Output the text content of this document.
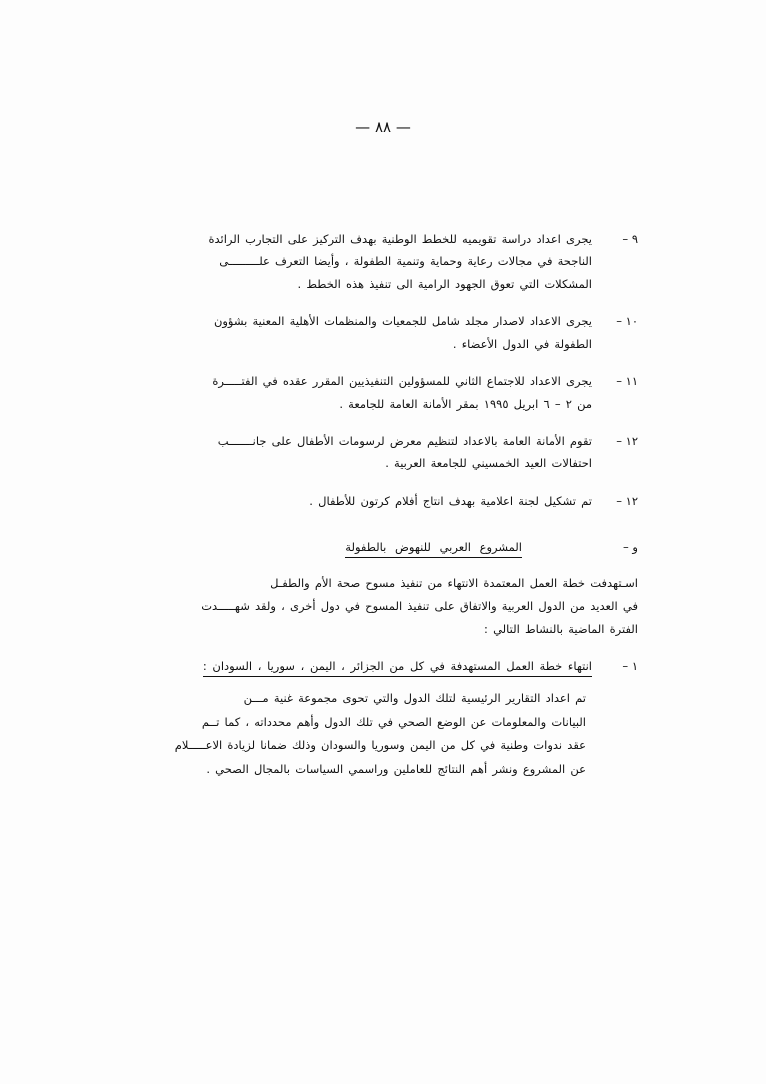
— ٨٨ —
٩ –
يجرى اعداد دراسة تقويميه للخطط الوطنية بهدف التركيز على التجارب الرائدة
الناجحة في مجالات رعاية وحماية وتنمية الطفولة ، وأيضا التعرف علـــــــــى
المشكلات التي تعوق الجهود الرامية الى تنفيذ هذه الخطط .
١٠ –
يجرى الاعداد لاصدار مجلد شامل للجمعيات والمنظمات الأهلية المعنية بشؤون
الطفولة في الدول الأعضاء .
١١ –
يجرى الاعداد للاجتماع الثاني للمسؤولين التنفيذيين المقرر عقده في الفتـــــرة
من ٢ – ٦ ابريل ١٩٩٥ بمقر الأمانة العامة للجامعة .
١٢ –
تقوم الأمانة العامة بالاعداد لتنظيم معرض لرسومات الأطفال على جانـــــــب
احتفالات العيد الخمسيني للجامعة العربية .
١٢ –
تم تشكيل لجنة اعلامية بهدف انتاج أفلام كرتون للأطفال .
و –
المشروع العربي للنهوض بالطفولة
اسـتهدفت خطة العمل المعتمدة الانتهاء من تنفيذ مسوح صحة الأم والطفـل
في العديد من الدول العربية والاتفاق على تنفيذ المسوح في دول أخرى ، ولقد شهـــــدت
الفترة الماضية بالنشاط التالي :
١ –
انتهاء خطة العمل المستهدفة في كل من الجزائر ، اليمن ، سوريا ، السودان :
تم اعداد التقارير الرئيسية لتلك الدول والتي تحوى مجموعة غنية مـــن
البيانات والمعلومات عن الوضع الصحي في تلك الدول وأهم محدداته ، كما تــم
عقد ندوات وطنية في كل من اليمن وسوريا والسودان وذلك ضمانا لزيادة الاعـــــلام
عن المشروع ونشر أهم النتائج للعاملين وراسمي السياسات بالمجال الصحي .
